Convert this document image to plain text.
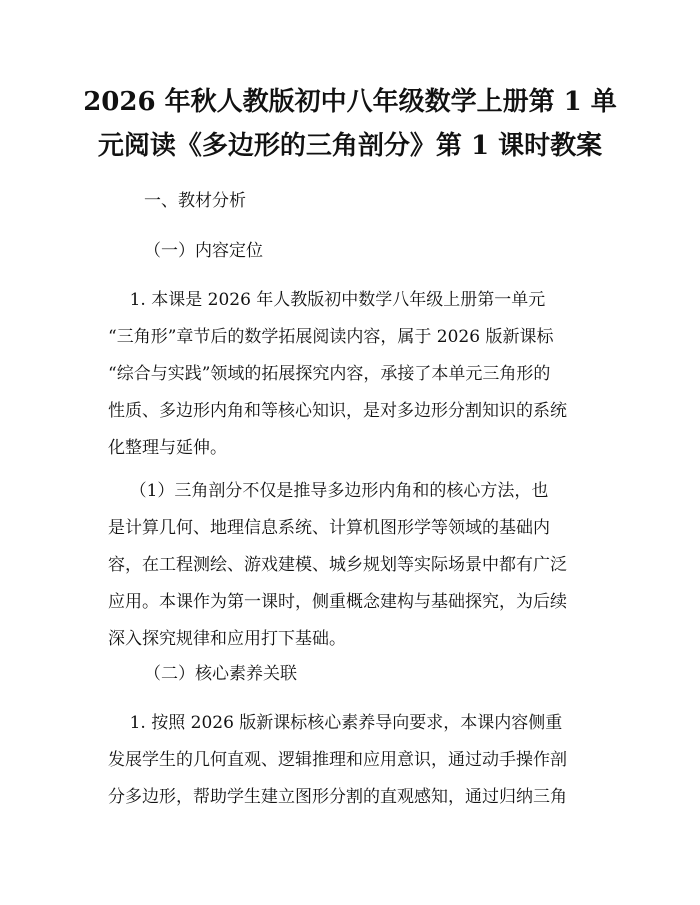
2026 年秋人教版初中八年级数学上册第 1 单
元阅读《多边形的三角剖分》第 1 课时教案

一、教材分析

（一）内容定位

1. 本课是 2026 年人教版初中数学八年级上册第一单元

“三角形”章节后的数学拓展阅读内容，属于 2026 版新课标

“综合与实践”领域的拓展探究内容，承接了本单元三角形的

性质、多边形内角和等核心知识，是对多边形分割知识的系统

化整理与延伸。

（1）三角剖分不仅是推导多边形内角和的核心方法，也

是计算几何、地理信息系统、计算机图形学等领域的基础内

容，在工程测绘、游戏建模、城乡规划等实际场景中都有广泛

应用。本课作为第一课时，侧重概念建构与基础探究，为后续

深入探究规律和应用打下基础。

（二）核心素养关联

1. 按照 2026 版新课标核心素养导向要求，本课内容侧重

发展学生的几何直观、逻辑推理和应用意识，通过动手操作剖

分多边形，帮助学生建立图形分割的直观感知，通过归纳三角
